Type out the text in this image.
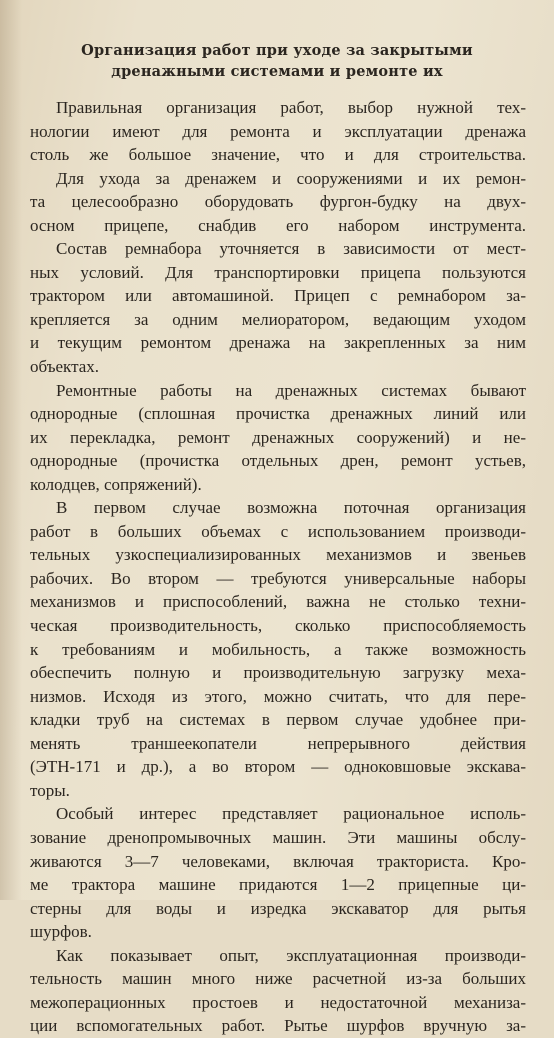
Организация работ при уходе за закрытыми
дренажными системами и ремонте их

Правильная организация работ, выбор нужной тех-
нологии имеют для ремонта и эксплуатации дренажа
столь же большое значение, что и для строительства.

Для ухода за дренажем и сооружениями и их ремон-
та целесообразно оборудовать фургон-будку на двух-
осном прицепе, снабдив его набором инструмента.

Состав ремнабора уточняется в зависимости от мест-
ных условий. Для транспортировки прицепа пользуются
трактором или автомашиной. Прицеп с ремнабором за-
крепляется за одним мелиоратором, ведающим уходом
и текущим ремонтом дренажа на закрепленных за ним
объектах.

Ремонтные работы на дренажных системах бывают
однородные (сплошная прочистка дренажных линий или
их перекладка, ремонт дренажных сооружений) и не-
однородные (прочистка отдельных дрен, ремонт устьев,
колодцев, сопряжений).

В первом случае возможна поточная организация
работ в больших объемах с использованием производи-
тельных узкоспециализированных механизмов и звеньев
рабочих. Во втором — требуются универсальные наборы
механизмов и приспособлений, важна не столько техни-
ческая производительность, сколько приспособляемость
к требованиям и мобильность, а также возможность
обеспечить полную и производительную загрузку меха-
низмов. Исходя из этого, можно считать, что для пере-
кладки труб на системах в первом случае удобнее при-
менять траншеекопатели непрерывного действия
(ЭТН-171 и др.), а во втором — одноковшовые экскава-
торы.

Особый интерес представляет рациональное исполь-
зование дренопромывочных машин. Эти машины обслу-
живаются 3—7 человеками, включая тракториста. Кро-
ме трактора машине придаются 1—2 прицепные ци-
стерны для воды и изредка экскаватор для рытья
шурфов.

Как показывает опыт, эксплуатационная производи-
тельность машин много ниже расчетной из-за больших
межоперационных простоев и недостаточной механиза-
ции вспомогательных работ. Рытье шурфов вручную за-
